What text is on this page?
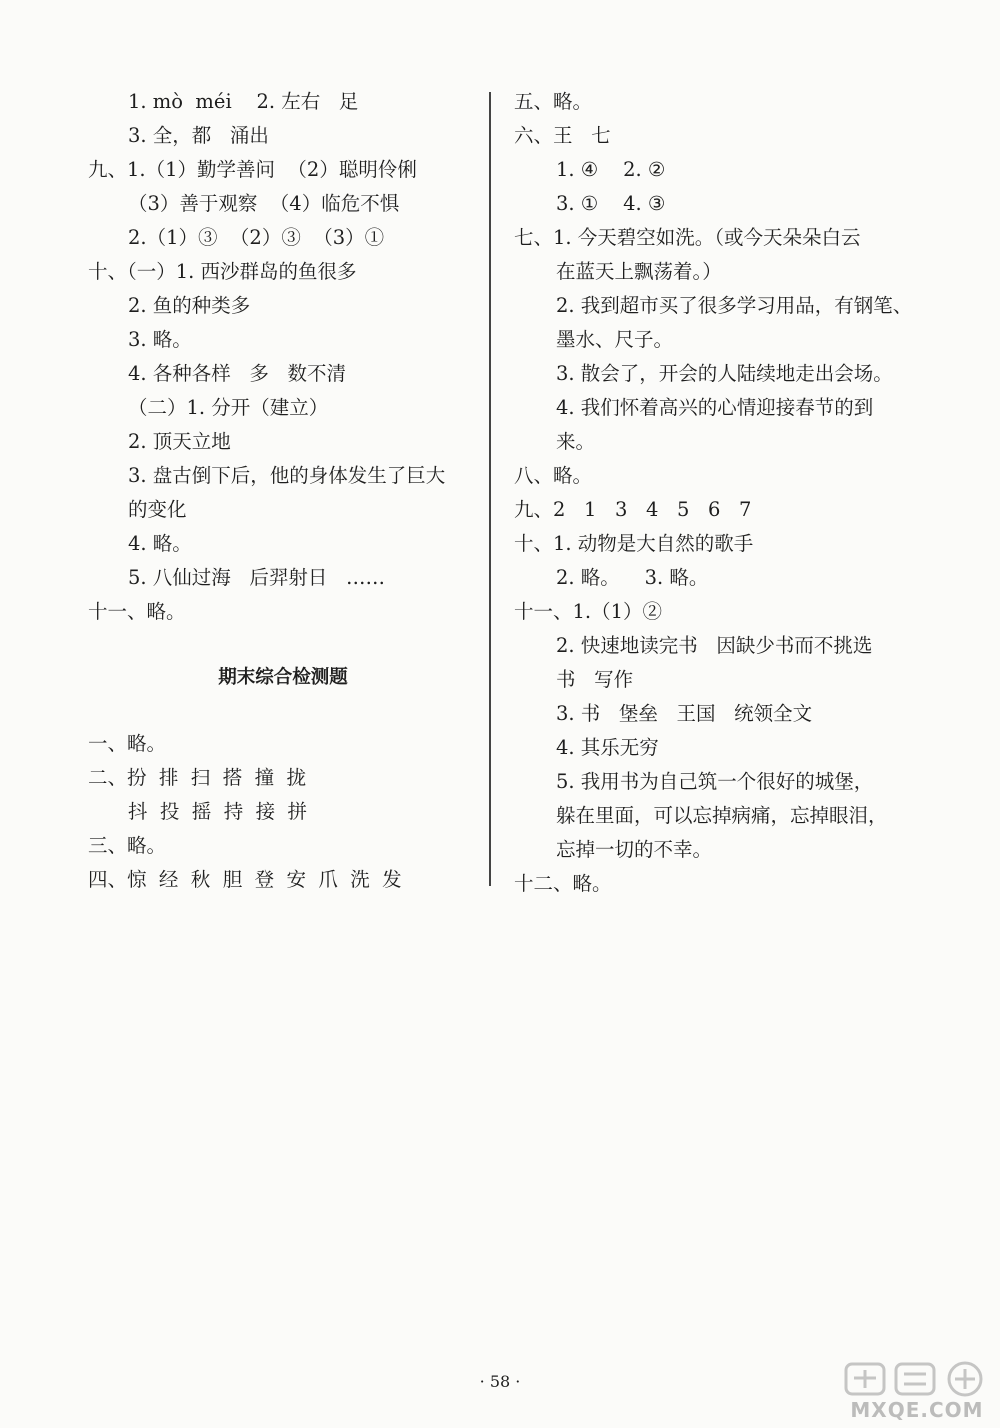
1. mò  méi    2. 左右   足
3. 全，都   涌出
九、1.（1）勤学善问  （2）聪明伶俐
（3）善于观察  （4）临危不惧
2.（1）③  （2）③  （3）①
十、（一）1. 西沙群岛的鱼很多
2. 鱼的种类多
3. 略。
4. 各种各样   多   数不清
（二）1. 分开（建立）
2. 顶天立地
3. 盘古倒下后，他的身体发生了巨大
的变化
4. 略。
5. 八仙过海   后羿射日   ……
十一、略。
期末综合检测题
一、略。
二、扮  排  扫  搭  撞  拢
抖  投  摇  持  接  拼
三、略。
四、惊  经  秋  胆  登  安  爪  洗  发
五、略。
六、王   七
1. ④    2. ②
3. ①    4. ③
七、1. 今天碧空如洗。（或今天朵朵白云
在蓝天上飘荡着。）
2. 我到超市买了很多学习用品，有钢笔、
墨水、尺子。
3. 散会了，开会的人陆续地走出会场。
4. 我们怀着高兴的心情迎接春节的到
来。
八、略。
九、2   1   3   4   5   6   7
十、1. 动物是大自然的歌手
2. 略。    3. 略。
十一、1.（1）②
2. 快速地读完书   因缺少书而不挑选
书   写作
3. 书   堡垒   王国   统领全文
4. 其乐无穷
5. 我用书为自己筑一个很好的城堡，
躲在里面，可以忘掉病痛，忘掉眼泪，
忘掉一切的不幸。
十二、略。
· 58 ·
MXQE.COM
